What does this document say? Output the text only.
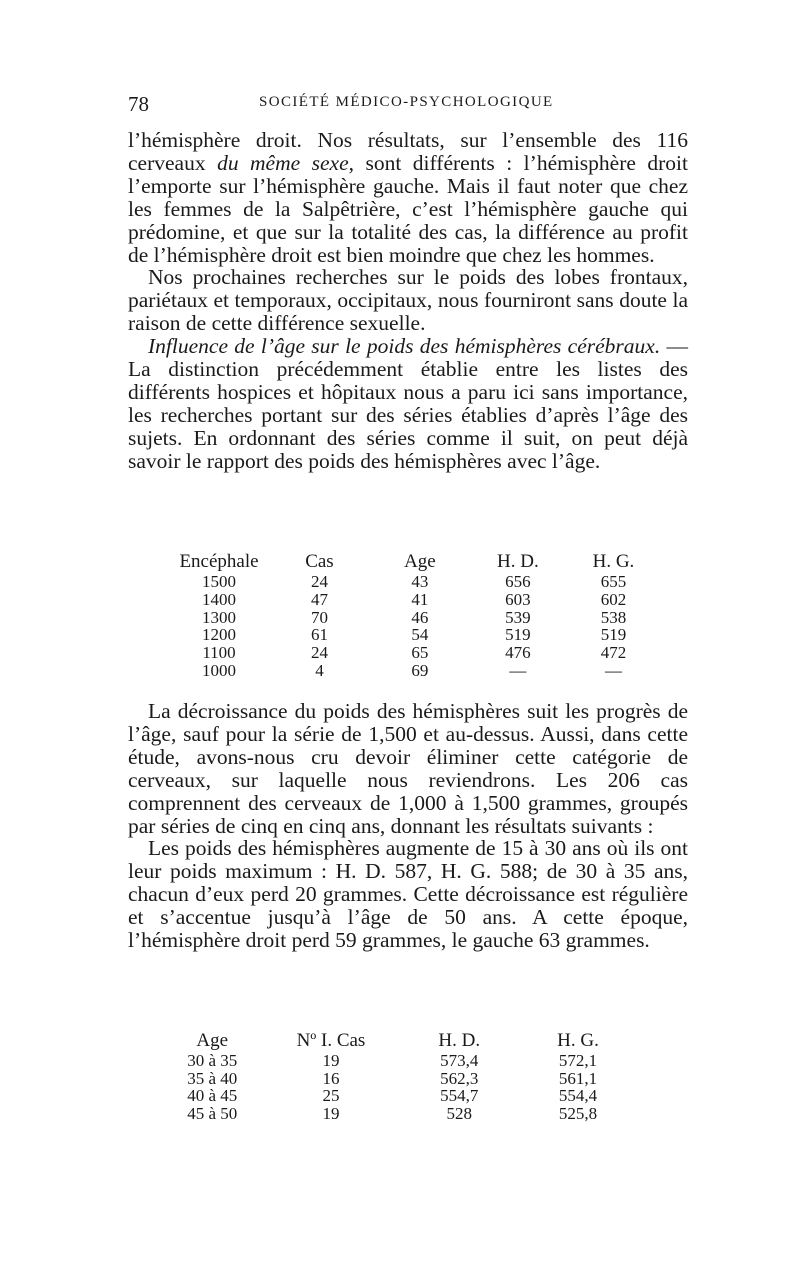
78	SOCIÉTÉ MÉDICO-PSYCHOLOGIQUE

l’hémisphère droit. Nos résultats, sur l’ensemble des 116 cerveaux du même sexe, sont différents : l’hémisphère droit l’emporte sur l’hémisphère gauche. Mais il faut noter que chez les femmes de la Salpêtrière, c’est l’hémisphère gauche qui prédomine, et que sur la totalité des cas, la différence au profit de l’hémisphère droit est bien moindre que chez les hommes.

Nos prochaines recherches sur le poids des lobes frontaux, pariétaux et temporaux, occipitaux, nous fourniront sans doute la raison de cette différence sexuelle.

Influence de l’âge sur le poids des hémisphères cérébraux. — La distinction précédemment établie entre les listes des différents hospices et hôpitaux nous a paru ici sans importance, les recherches portant sur des séries établies d’après l’âge des sujets. En ordonnant des séries comme il suit, on peut déjà savoir le rapport des poids des hémisphères avec l’âge.

Encéphale	Cas	Age	H. D.	H. G.
1500	24	43	656	655
1400	47	41	603	602
1300	70	46	539	538
1200	61	54	519	519
1100	24	65	476	472
1000	4	69	—	—

La décroissance du poids des hémisphères suit les progrès de l’âge, sauf pour la série de 1,500 et au-dessus. Aussi, dans cette étude, avons-nous cru devoir éliminer cette catégorie de cerveaux, sur laquelle nous reviendrons. Les 206 cas comprennent des cerveaux de 1,000 à 1,500 grammes, groupés par séries de cinq en cinq ans, donnant les résultats suivants :

Les poids des hémisphères augmente de 15 à 30 ans où ils ont leur poids maximum : H. D. 587, H. G. 588; de 30 à 35 ans, chacun d’eux perd 20 grammes. Cette décroissance est régulière et s’accentue jusqu’à l’âge de 50 ans. A cette époque, l’hémisphère droit perd 59 grammes, le gauche 63 grammes.

Age	Nº I. Cas	H. D.	H. G.
30 à 35	19	573,4	572,1
35 à 40	16	562,3	561,1
40 à 45	25	554,7	554,4
45 à 50	19	528	525,8
